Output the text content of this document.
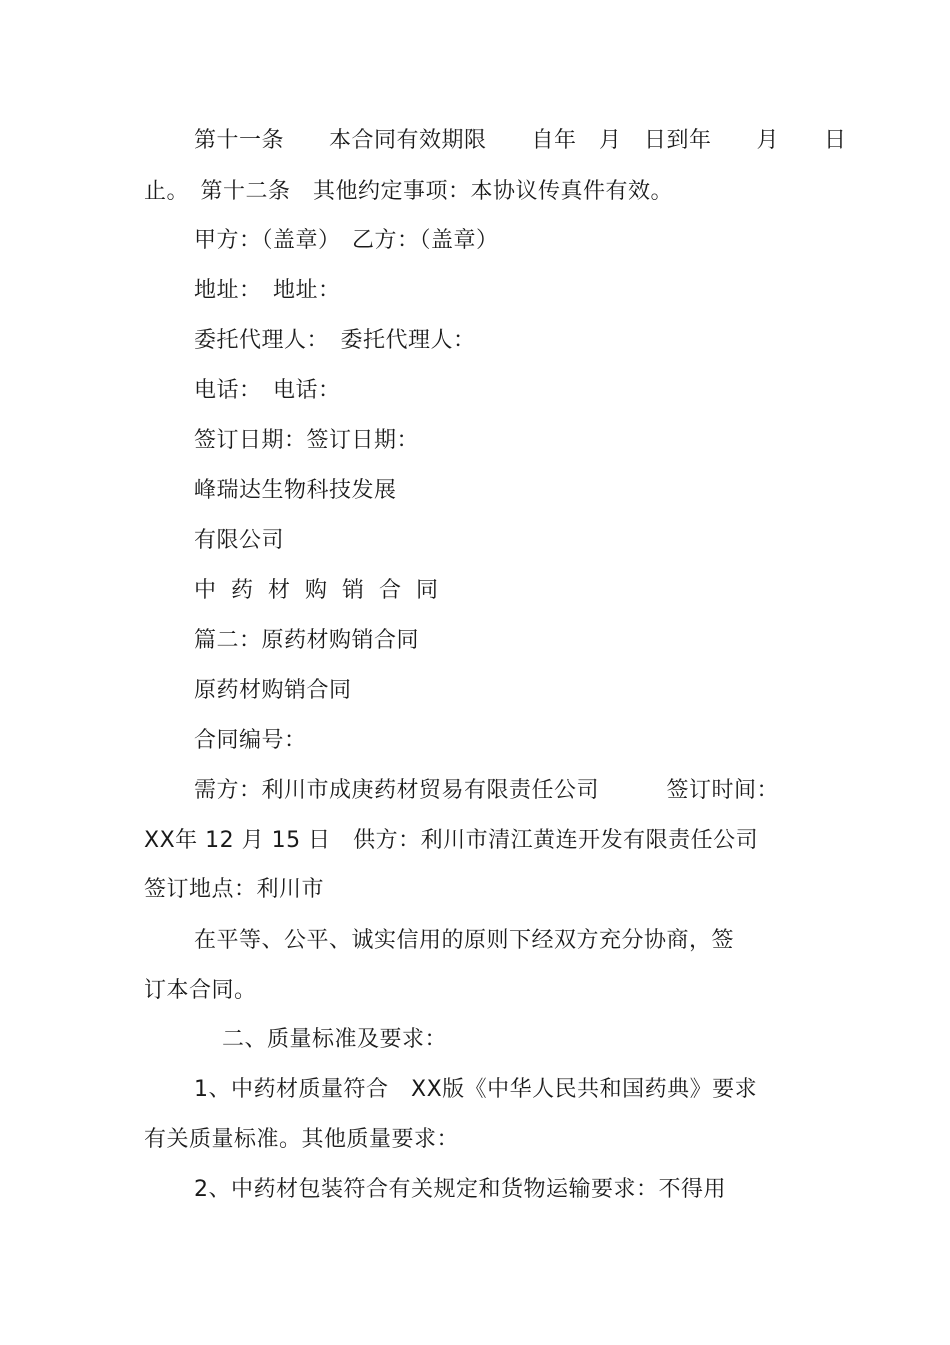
第十一条　　本合同有效期限　　自年　月　日到年　　月　　日
止。　第十二条　其他约定事项：本协议传真件有效。
甲方：（盖章）　乙方：（盖章）
地址：　地址：
委托代理人：　委托代理人：
电话：　电话：
签订日期：签订日期：
峰瑞达生物科技发展
有限公司
中药材购销合同
篇二：原药材购销合同
原药材购销合同
合同编号：
需方：利川市成庚药材贸易有限责任公司　　　签订时间：
XX年 12 月 15 日　供方：利川市清江黄连开发有限责任公司
签订地点：利川市
在平等、公平、诚实信用的原则下经双方充分协商，签
订本合同。
二、质量标准及要求：
1、中药材质量符合　XX版《中华人民共和国药典》要求
有关质量标准。其他质量要求：
2、中药材包装符合有关规定和货物运输要求：不得用
